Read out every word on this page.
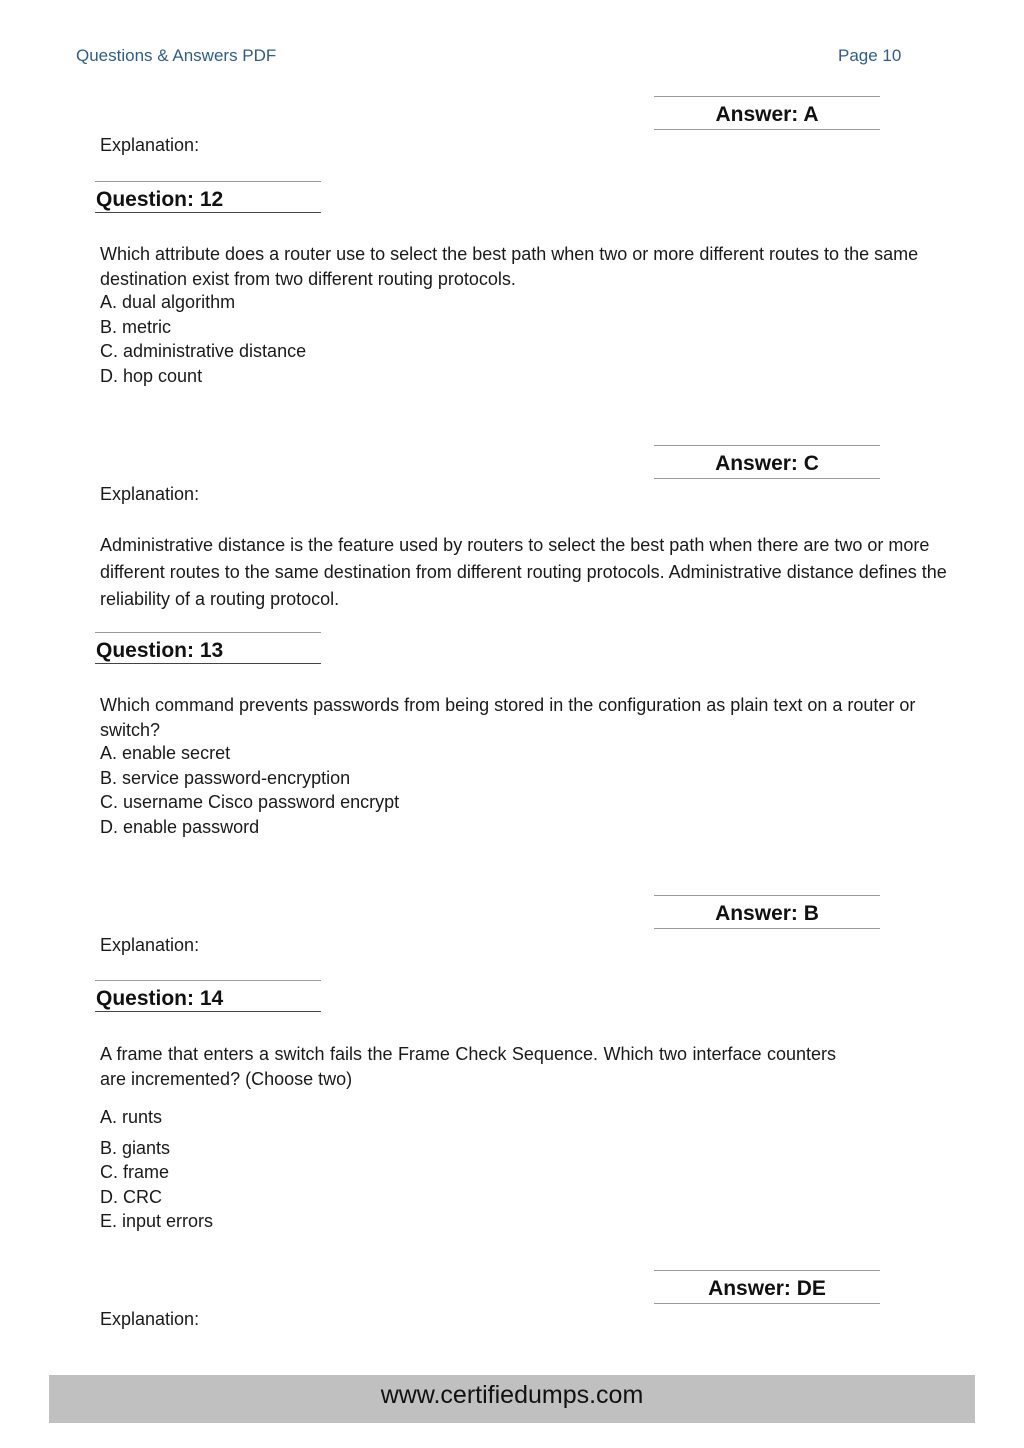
Questions & Answers PDF	Page 10
Answer: A
Explanation:
Question: 12
Which attribute does a router use to select the best path when two or more different routes to the same destination exist from two different routing protocols.
A. dual algorithm
B. metric
C. administrative distance
D. hop count
Answer: C
Explanation:
Administrative distance is the feature used by routers to select the best path when there are two or more different routes to the same destination from different routing protocols. Administrative distance defines the reliability of a routing protocol.
Question: 13
Which command prevents passwords from being stored in the configuration as plain text on a router or switch?
A. enable secret
B. service password-encryption
C. username Cisco password encrypt
D. enable password
Answer: B
Explanation:
Question: 14
A frame that enters a switch fails the Frame Check Sequence. Which two interface counters are incremented? (Choose two)
A. runts
B. giants
C. frame
D. CRC
E. input errors
Answer: DE
Explanation:
www.certifiedumps.com
